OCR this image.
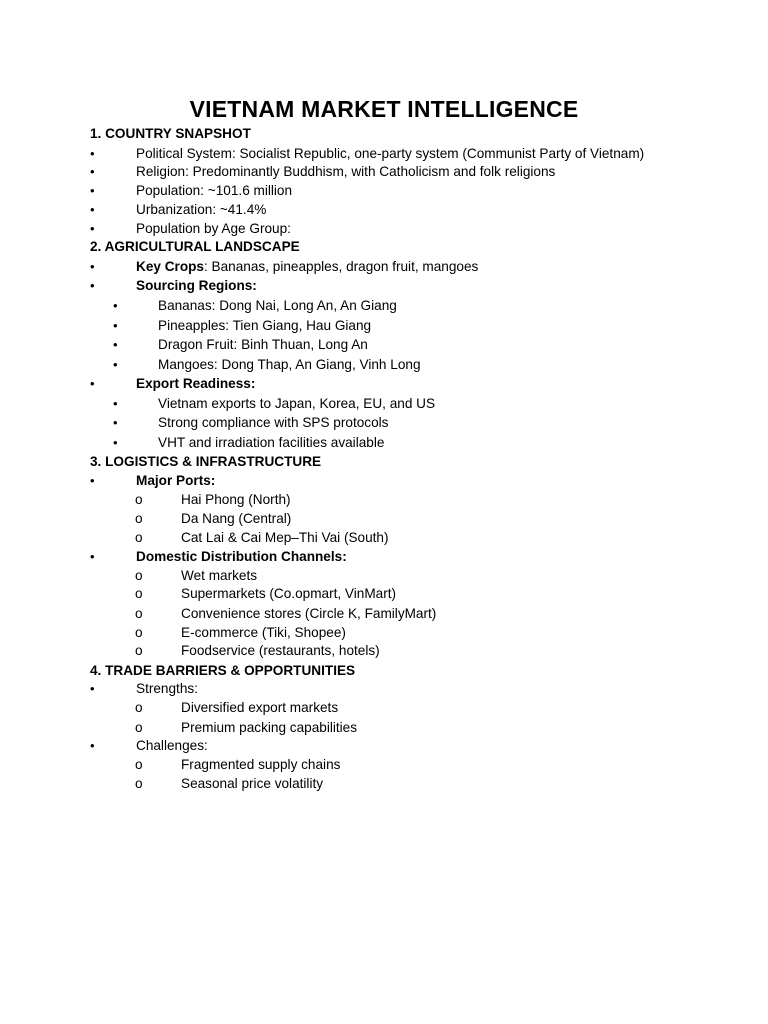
VIETNAM MARKET INTELLIGENCE
1. COUNTRY SNAPSHOT
•	Political System: Socialist Republic, one-party system (Communist Party of Vietnam)
•	Religion: Predominantly Buddhism, with Catholicism and folk religions
•	Population: ~101.6 million
•	Urbanization: ~41.4%
•	Population by Age Group:
2. AGRICULTURAL LANDSCAPE
•	Key Crops: Bananas, pineapples, dragon fruit, mangoes
•	Sourcing Regions:
•	Bananas: Dong Nai, Long An, An Giang
•	Pineapples: Tien Giang, Hau Giang
•	Dragon Fruit: Binh Thuan, Long An
•	Mangoes: Dong Thap, An Giang, Vinh Long
•	Export Readiness:
•	Vietnam exports to Japan, Korea, EU, and US
•	Strong compliance with SPS protocols
•	VHT and irradiation facilities available
3. LOGISTICS & INFRASTRUCTURE
•	Major Ports:
o	Hai Phong (North)
o	Da Nang (Central)
o	Cat Lai & Cai Mep–Thi Vai (South)
•	Domestic Distribution Channels:
o	Wet markets
o	Supermarkets (Co.opmart, VinMart)
o	Convenience stores (Circle K, FamilyMart)
o	E-commerce (Tiki, Shopee)
o	Foodservice (restaurants, hotels)
4. TRADE BARRIERS & OPPORTUNITIES
•	Strengths:
o	Diversified export markets
o	Premium packing capabilities
•	Challenges:
o	Fragmented supply chains
o	Seasonal price volatility
